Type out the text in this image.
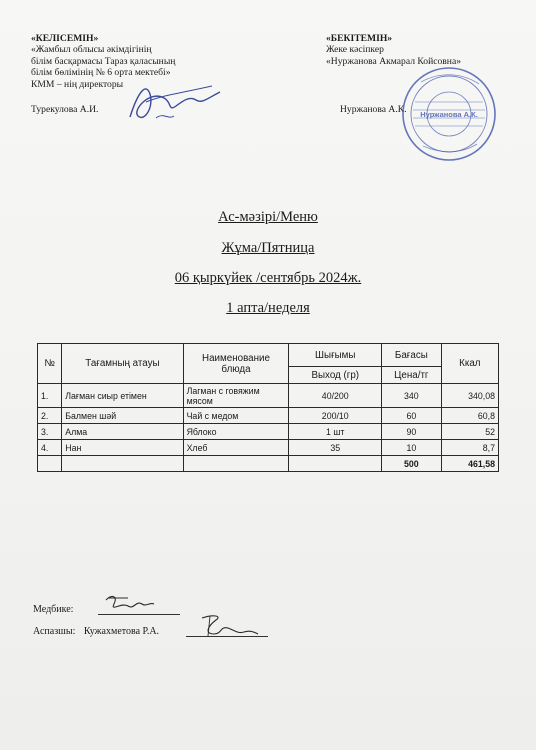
«КЕЛІСЕМІН»
«Жамбыл облысы әкімдігінің
білім басқармасы Тараз қаласының
білім бөлімінің № 6 орта мектебі»
КММ – нің директоры
Турекулова А.И.
«БЕКІТЕМІН»
Жеке кәсіпкер
«Нуржанова Акмарал Койсовна»
Нуржанова А.К. Нуржанова А.К.
Ас-мәзірі/Меню
Жұма/Пятница
06 қыркүйек /сентябрь 2024ж.
1 апта/неделя
№	Тағамның атауы	Наименование блюда	Шығымы	Бағасы	Ккал
			Выход (гр)	Цена/тг	
1.	Лағман сиыр етімен	Лагман с говяжим мясом	40/200	340	340,08
2.	Балмен шәй	Чай с медом	200/10	60	60,8
3.	Алма	Яблоко	1 шт	90	52
4.	Нан	Хлеб	35	10	8,7
				500	461,58
Медбике:
Аспазшы: Кужахметова Р.А.
